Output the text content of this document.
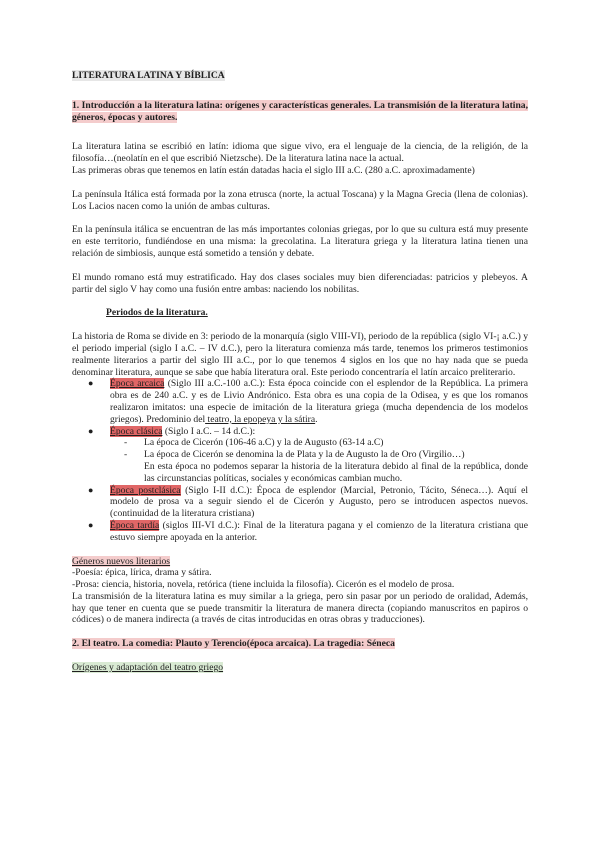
LITERATURA LATINA Y BÍBLICA

1. Introducción a la literatura latina: orígenes y características generales. La transmisión de la literatura latina, géneros, épocas y autores.

La literatura latina se escribió en latín: idioma que sigue vivo, era el lenguaje de la ciencia, de la religión, de la filosofía…(neolatín en el que escribió Nietzsche). De la literatura latina nace la actual.

Las primeras obras que tenemos en latín están datadas hacia el siglo III a.C. (280 a.C. aproximadamente)

La península Itálica está formada por la zona etrusca (norte, la actual Toscana) y la Magna Grecia (llena de colonias). Los Lacios nacen como la unión de ambas culturas.

En la península itálica se encuentran de las más importantes colonias griegas, por lo que su cultura está muy presente en este territorio, fundiéndose en una misma: la grecolatina. La literatura griega y la literatura latina tienen una relación de simbiosis, aunque está sometido a tensión y debate.

El mundo romano está muy estratificado. Hay dos clases sociales muy bien diferenciadas: patricios y plebeyos. A partir del siglo V hay como una fusión entre ambas: naciendo los nobilitas.

Periodos de la literatura.

La historia de Roma se divide en 3: periodo de la monarquía (siglo VIII-VI), periodo de la república (siglo VI-¡ a.C.) y el periodo imperial (siglo I a.C. – IV d.C.), pero la literatura comienza más tarde, tenemos los primeros testimonios realmente literarios a partir del siglo III a.C., por lo que tenemos 4 siglos en los que no hay nada que se pueda denominar literatura, aunque se sabe que había literatura oral. Este periodo concentraría el latín arcaico preliterario.

● Época arcaica (Siglo III a.C.-100 a.C.): Esta época coincide con el esplendor de la República. La primera obra es de 240 a.C. y es de Livio Andrónico. Esta obra es una copia de la Odisea, y es que los romanos realizaron imitatos: una especie de imitación de la literatura griega (mucha dependencia de los modelos griegos). Predominio del teatro, la epopeya y la sátira.
● Época clásica (Siglo I a.C. – 14 d.C.):
- La época de Cicerón (106-46 a.C) y la de Augusto (63-14 a.C)
- La época de Cicerón se denomina la de Plata y la de Augusto la de Oro (Virgilio…)
En esta época no podemos separar la historia de la literatura debido al final de la república, donde las circunstancias políticas, sociales y económicas cambian mucho.
● Época postclásica (Siglo I-II d.C.): Época de esplendor (Marcial, Petronio, Tácito, Séneca…). Aquí el modelo de prosa va a seguir siendo el de Cicerón y Augusto, pero se introducen aspectos nuevos. (continuidad de la literatura cristiana)
● Época tardía (siglos III-VI d.C.): Final de la literatura pagana y el comienzo de la literatura cristiana que estuvo siempre apoyada en la anterior.

Géneros nuevos literarios

-Poesía: épica, lírica, drama y sátira.

-Prosa: ciencia, historia, novela, retórica (tiene incluida la filosofía). Cicerón es el modelo de prosa.

La transmisión de la literatura latina es muy similar a la griega, pero sin pasar por un periodo de oralidad, Además, hay que tener en cuenta que se puede transmitir la literatura de manera directa (copiando manuscritos en papiros o códices) o de manera indirecta (a través de citas introducidas en otras obras y traducciones).

2. El teatro. La comedia: Plauto y Terencio(época arcaica). La tragedia: Séneca

Orígenes y adaptación del teatro griego
